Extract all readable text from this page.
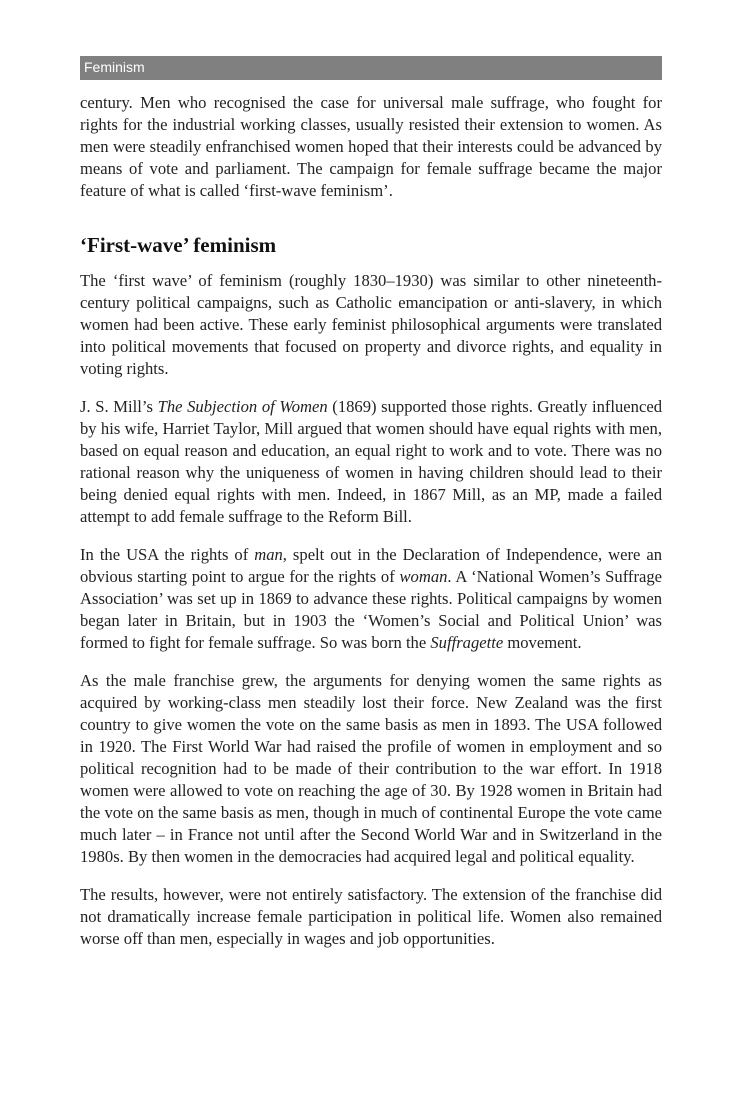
Feminism

century. Men who recognised the case for universal male suffrage, who fought for rights for the industrial working classes, usually resisted their extension to women. As men were steadily enfranchised women hoped that their interests could be advanced by means of vote and parliament. The campaign for female suffrage became the major feature of what is called ‘first-wave feminism’.

‘First-wave’ feminism

The ‘first wave’ of feminism (roughly 1830–1930) was similar to other nineteenth-century political campaigns, such as Catholic emancipation or anti-slavery, in which women had been active. These early feminist philosophical arguments were translated into political movements that focused on property and divorce rights, and equality in voting rights.

J. S. Mill’s The Subjection of Women (1869) supported those rights. Greatly influenced by his wife, Harriet Taylor, Mill argued that women should have equal rights with men, based on equal reason and education, an equal right to work and to vote. There was no rational reason why the uniqueness of women in having children should lead to their being denied equal rights with men. Indeed, in 1867 Mill, as an MP, made a failed attempt to add female suffrage to the Reform Bill.

In the USA the rights of man, spelt out in the Declaration of Independence, were an obvious starting point to argue for the rights of woman. A ‘National Women’s Suffrage Association’ was set up in 1869 to advance these rights. Political campaigns by women began later in Britain, but in 1903 the ‘Women’s Social and Political Union’ was formed to fight for female suffrage. So was born the Suffragette movement.

As the male franchise grew, the arguments for denying women the same rights as acquired by working-class men steadily lost their force. New Zealand was the first country to give women the vote on the same basis as men in 1893. The USA followed in 1920. The First World War had raised the profile of women in employment and so political recognition had to be made of their contribution to the war effort. In 1918 women were allowed to vote on reaching the age of 30. By 1928 women in Britain had the vote on the same basis as men, though in much of continental Europe the vote came much later – in France not until after the Second World War and in Switzerland in the 1980s. By then women in the democracies had acquired legal and political equality.

The results, however, were not entirely satisfactory. The extension of the franchise did not dramatically increase female participation in political life. Women also remained worse off than men, especially in wages and job opportunities.
